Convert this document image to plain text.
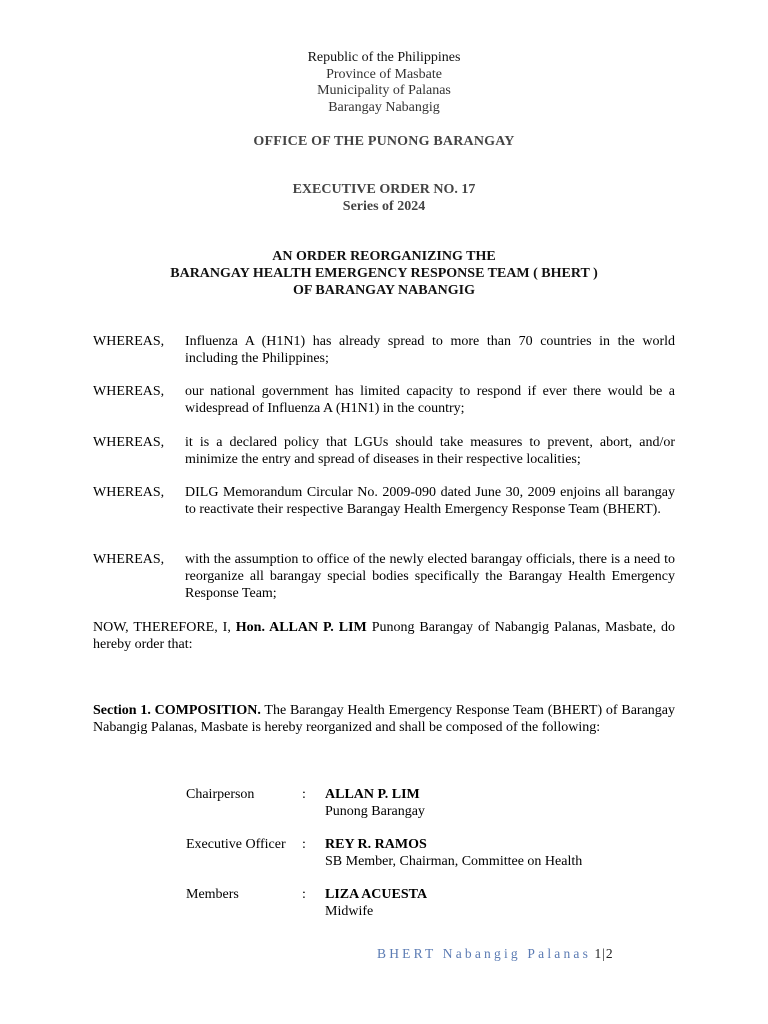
Republic of the Philippines
Province of Masbate
Municipality of Palanas
Barangay Nabangig
OFFICE OF THE PUNONG BARANGAY
EXECUTIVE ORDER NO. 17
Series of 2024
AN ORDER REORGANIZING THE
BARANGAY HEALTH EMERGENCY RESPONSE TEAM ( BHERT )
OF BARANGAY NABANGIG
WHEREAS,	Influenza A (H1N1) has already spread to more than 70 countries in the world including the Philippines;
WHEREAS,	our national government has limited capacity to respond if ever there would be a widespread of Influenza A (H1N1) in the country;
WHEREAS,	it is a declared policy that LGUs should take measures to prevent, abort, and/or minimize the entry and spread of diseases in their respective localities;
WHEREAS,	DILG Memorandum Circular No. 2009-090 dated June 30, 2009 enjoins all barangay to reactivate their respective Barangay Health Emergency Response Team (BHERT).
WHEREAS,	with the assumption to office of the newly elected barangay officials, there is a need to reorganize all barangay special bodies specifically the Barangay Health Emergency Response Team;
NOW, THEREFORE, I, Hon. ALLAN P. LIM Punong Barangay of Nabangig Palanas, Masbate, do hereby order that:
Section 1. COMPOSITION. The Barangay Health Emergency Response Team (BHERT) of Barangay Nabangig Palanas, Masbate is hereby reorganized and shall be composed of the following:
Chairperson	: ALLAN P. LIM
Punong Barangay
Executive Officer	: REY R. RAMOS
SB Member, Chairman, Committee on Health
Members	: LIZA ACUESTA
Midwife
BHERT Nabangig Palanas 1|2
